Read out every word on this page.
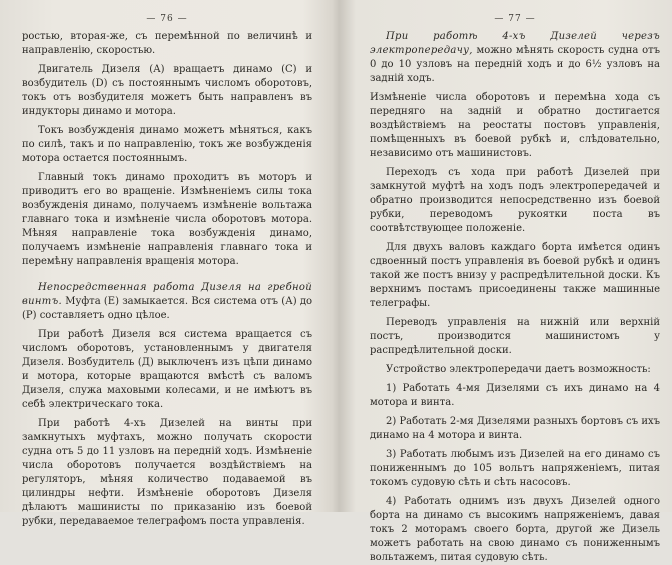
— 76 —

ростью, вторая-же, съ перемѣнной по величинѣ и направленію, скоростью.

Двигатель Дизеля (А) вращаетъ динамо (С) и возбудитель (D) съ постояннымъ числомъ оборотовъ, токъ отъ возбудителя можетъ быть направленъ въ индукторы динамо и мотора.

Токъ возбужденія динамо можетъ мѣняться, какъ по силѣ, такъ и по направленію, токъ же возбужденія мотора остается постояннымъ.

Главный токъ динамо проходитъ въ моторъ и приводитъ его во вращеніе. Измѣненіемъ силы тока возбужденія динамо, получаемъ измѣненіе вольтажа главнаго тока и измѣненіе числа оборотовъ мотора. Мѣняя направленіе тока возбужденія динамо, получаемъ измѣненіе направленія главнаго тока и перемѣну направленія вращенія мотора.

Непосредственная работа Дизеля на гребной винтъ. Муфта (Е) замыкается. Вся система отъ (А) до (Р) составляетъ одно цѣлое.

При работѣ Дизеля вся система вращается съ числомъ оборотовъ, установленнымъ у двигателя Дизеля. Возбудитель (Д) выключенъ изъ цѣпи динамо и мотора, которые вращаются вмѣстѣ съ валомъ Дизеля, служа маховыми колесами, и не имѣютъ въ себѣ электрическаго тока.

При работѣ 4-хъ Дизелей на винты при замкнутыхъ муфтахъ, можно получать скорости судна отъ 5 до 11 узловъ на передній ходъ. Измѣненіе числа оборотовъ получается воздѣйствіемъ на регуляторъ, мѣняя количество подаваемой въ цилиндры нефти. Измѣненіе оборотовъ Дизеля дѣлаютъ машинисты по приказанію изъ боевой рубки, передаваемое телеграфомъ поста управленія.

— 77 —

При работѣ 4-хъ Дизелей черезъ электропередачу, можно мѣнять скорость судна отъ 0 до 10 узловъ на передній ходъ и до 6½ узловъ на задній ходъ.

Измѣненіе числа оборотовъ и перемѣна хода съ передняго на задній и обратно достигается воздѣйствіемъ на реостаты постовъ управленія, помѣщенныхъ въ боевой рубкѣ и, слѣдовательно, независимо отъ машинистовъ.

Переходъ съ хода при работѣ Дизелей при замкнутой муфтѣ на ходъ подъ электропередачей и обратно производится непосредственно изъ боевой рубки, переводомъ рукоятки поста въ соотвѣтствующее положеніе.

Для двухъ валовъ каждаго борта имѣется одинъ сдвоенный постъ управленія въ боевой рубкѣ и одинъ такой же постъ внизу у распредѣлительной доски. Къ верхнимъ постамъ присоединены также машинные телеграфы.

Переводъ управленія на нижній или верхній постъ, производится машинистомъ у распредѣлительной доски.

Устройство электропередачи даетъ возможность:

1) Работать 4-мя Дизелями съ ихъ динамо на 4 мотора и винта.

2) Работать 2-мя Дизелями разныхъ бортовъ съ ихъ динамо на 4 мотора и винта.

3) Работать любымъ изъ Дизелей на его динамо съ пониженнымъ до 105 вольтъ напряженіемъ, питая токомъ судовую сѣть и сѣть насосовъ.

4) Работать однимъ изъ двухъ Дизелей одного борта на динамо съ высокимъ напряженіемъ, давая токъ 2 моторамъ своего борта, другой же Дизель можетъ работать на свою динамо съ пониженнымъ вольтажемъ, питая судовую сѣть.
